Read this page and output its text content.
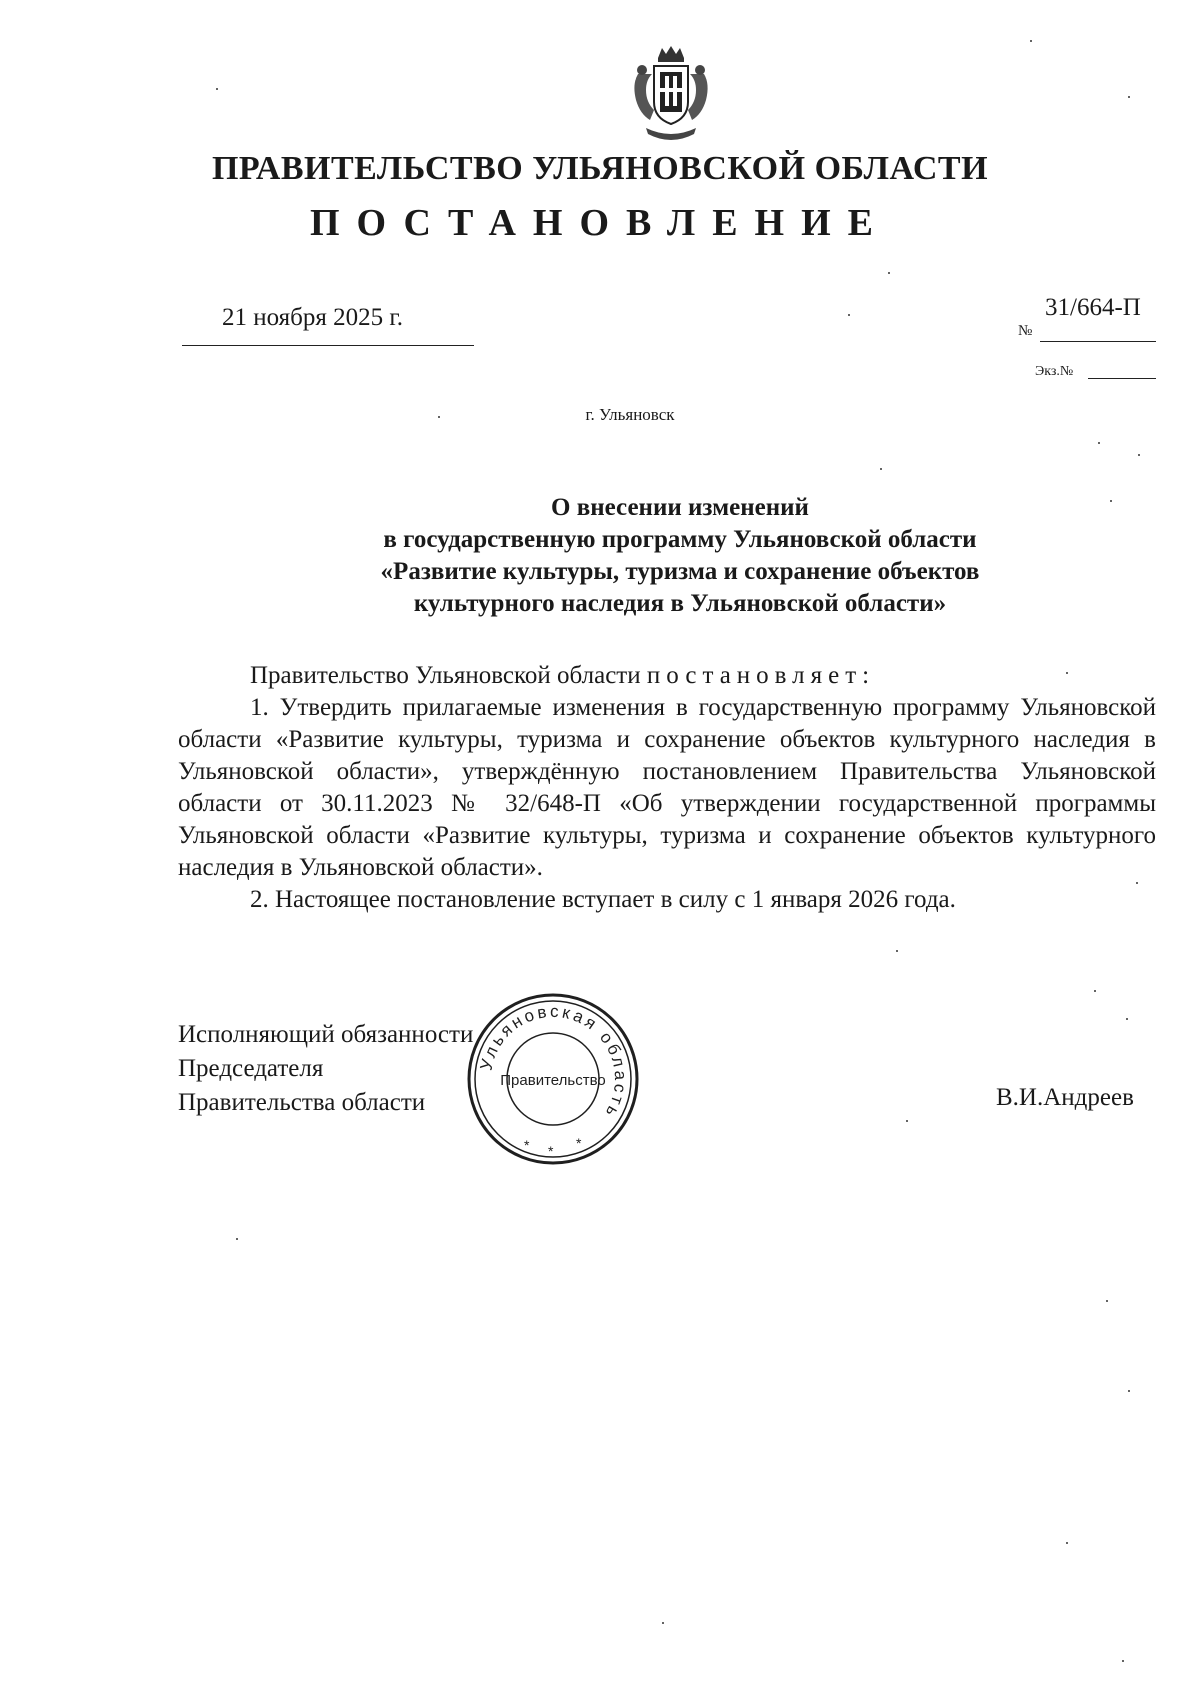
ПРАВИТЕЛЬСТВО УЛЬЯНОВСКОЙ ОБЛАСТИ
ПОСТАНОВЛЕНИЕ
21 ноября 2025 г.	№
31/664-П
Экз.№
г. Ульяновск
О внесении изменений
в государственную программу Ульяновской области
«Развитие культуры, туризма и сохранение объектов
культурного наследия в Ульяновской области»
Правительство Ульяновской области постановляет:
1. Утвердить прилагаемые изменения в государственную программу Ульяновской области «Развитие культуры, туризма и сохранение объектов культурного наследия в Ульяновской области», утверждённую постановлением Правительства Ульяновской области от 30.11.2023 № 32/648-П «Об утверждении государственной программы Ульяновской области «Развитие культуры, туризма и сохранение объектов культурного наследия в Ульяновской области».
2. Настоящее постановление вступает в силу с 1 января 2026 года.
Исполняющий обязанности
Председателя
Правительства области
Ульяновская область
Правительство
* * *
В.И.Андреев
